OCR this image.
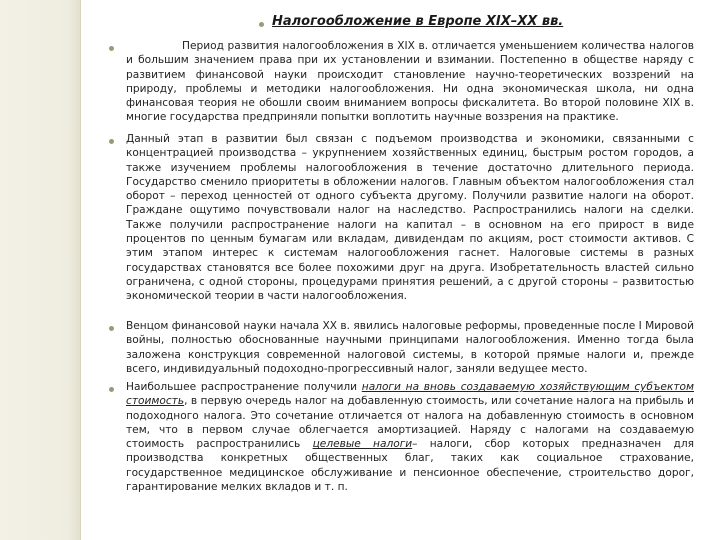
Налогообложение в Европе XIX–XX вв.

Период развития налогообложения в XIX в. отличается уменьшением количества налогов и большим значением права при их установлении и взимании. Постепенно в обществе наряду с развитием финансовой науки происходит становление научно-теоретических воззрений на природу, проблемы и методики налогообложения. Ни одна экономическая школа, ни одна финансовая теория не обошли своим вниманием вопросы фискалитета. Во второй половине XIX в. многие государства предприняли попытки воплотить научные воззрения на практике.

Данный этап в развитии был связан с подъемом производства и экономики, связанными с концентрацией производства – укрупнением хозяйственных единиц, быстрым ростом городов, а также изучением проблемы налогообложения в течение достаточно длительного периода. Государство сменило приоритеты в обложении налогов. Главным объектом налогообложения стал оборот – переход ценностей от одного субъекта другому. Получили развитие налоги на оборот. Граждане ощутимо почувствовали налог на наследство. Распространились налоги на сделки. Также получили распространение налоги на капитал – в основном на его прирост в виде процентов по ценным бумагам или вкладам, дивидендам по акциям, рост стоимости активов. С этим этапом интерес к системам налогообложения гаснет. Налоговые системы в разных государствах становятся все более похожими друг на друга. Изобретательность властей сильно ограничена, с одной стороны, процедурами принятия решений, а с другой стороны – развитостью экономической теории в части налогообложения.

Венцом финансовой науки начала XX в. явились налоговые реформы, проведенные после I Мировой войны, полностью обоснованные научными принципами налогообложения. Именно тогда была заложена конструкция современной налоговой системы, в которой прямые налоги и, прежде всего, индивидуальный подоходно-прогрессивный налог, заняли ведущее место.

Наибольшее распространение получили налоги на вновь создаваемую хозяйствующим субъектом стоимость, в первую очередь налог на добавленную стоимость, или сочетание налога на прибыль и подоходного налога. Это сочетание отличается от налога на добавленную стоимость в основном тем, что в первом случае облегчается амортизацией. Наряду с налогами на создаваемую стоимость распространились целевые налоги– налоги, сбор которых предназначен для производства конкретных общественных благ, таких как социальное страхование, государственное медицинское обслуживание и пенсионное обеспечение, строительство дорог, гарантирование мелких вкладов и т. п.
